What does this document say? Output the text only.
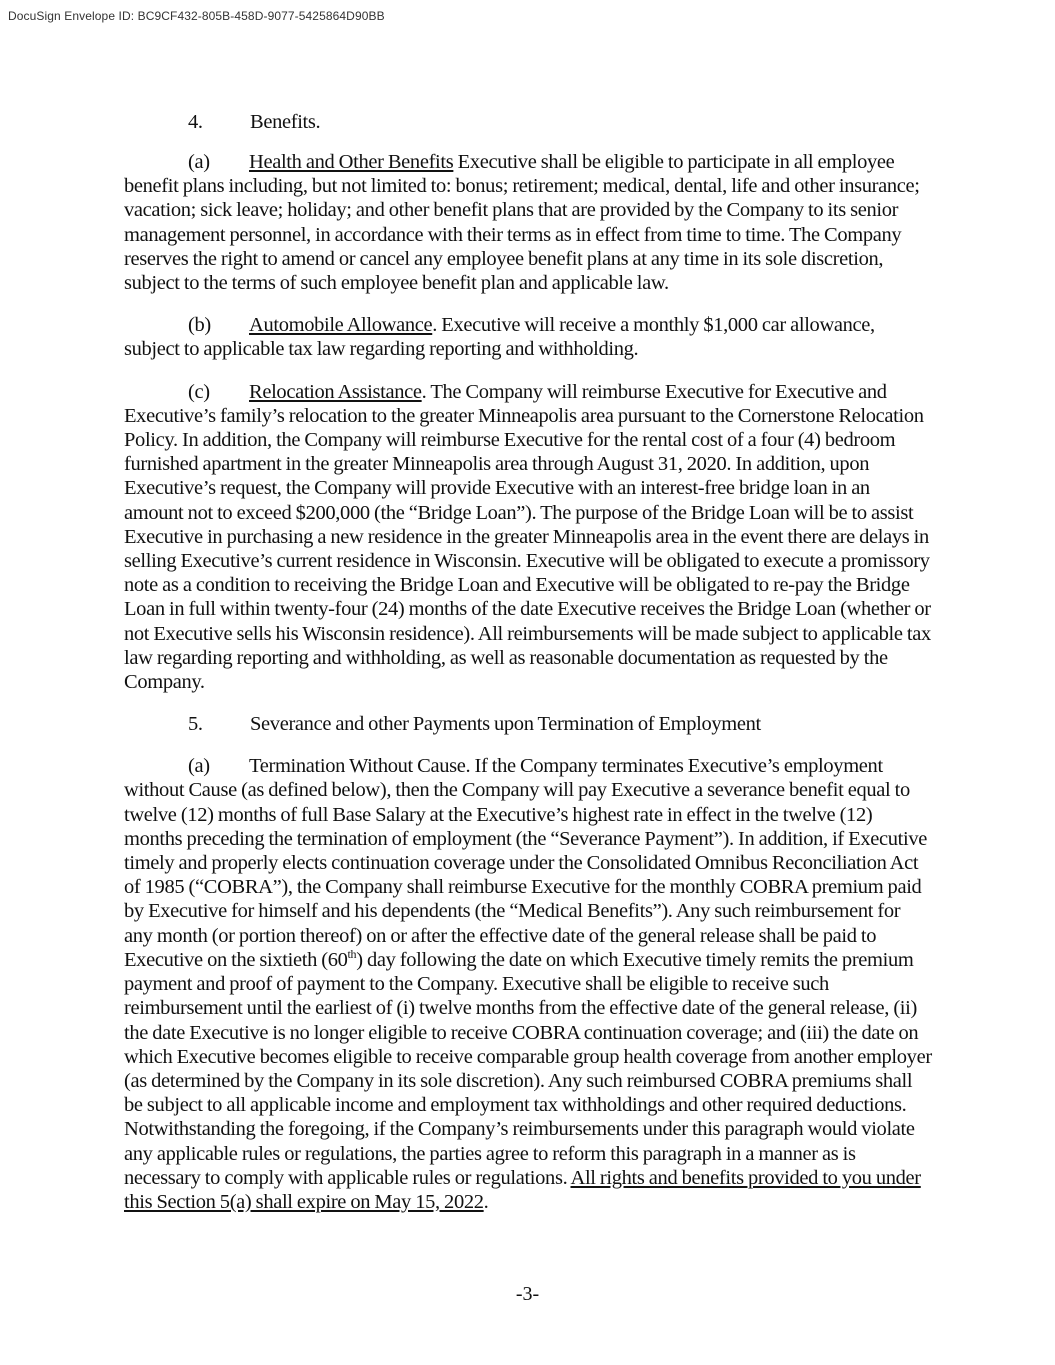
DocuSign Envelope ID: BC9CF432-805B-458D-9077-5425864D90BB

4. Benefits.

(a) Health and Other Benefits Executive shall be eligible to participate in all employee benefit plans including, but not limited to: bonus; retirement; medical, dental, life and other insurance; vacation; sick leave; holiday; and other benefit plans that are provided by the Company to its senior management personnel, in accordance with their terms as in effect from time to time. The Company reserves the right to amend or cancel any employee benefit plans at any time in its sole discretion, subject to the terms of such employee benefit plan and applicable law.

(b) Automobile Allowance. Executive will receive a monthly $1,000 car allowance, subject to applicable tax law regarding reporting and withholding.

(c) Relocation Assistance. The Company will reimburse Executive for Executive and Executive’s family’s relocation to the greater Minneapolis area pursuant to the Cornerstone Relocation Policy. In addition, the Company will reimburse Executive for the rental cost of a four (4) bedroom furnished apartment in the greater Minneapolis area through August 31, 2020. In addition, upon Executive’s request, the Company will provide Executive with an interest-free bridge loan in an amount not to exceed $200,000 (the “Bridge Loan”). The purpose of the Bridge Loan will be to assist Executive in purchasing a new residence in the greater Minneapolis area in the event there are delays in selling Executive’s current residence in Wisconsin. Executive will be obligated to execute a promissory note as a condition to receiving the Bridge Loan and Executive will be obligated to re-pay the Bridge Loan in full within twenty-four (24) months of the date Executive receives the Bridge Loan (whether or not Executive sells his Wisconsin residence). All reimbursements will be made subject to applicable tax law regarding reporting and withholding, as well as reasonable documentation as requested by the Company.

5. Severance and other Payments upon Termination of Employment

(a) Termination Without Cause. If the Company terminates Executive’s employment without Cause (as defined below), then the Company will pay Executive a severance benefit equal to twelve (12) months of full Base Salary at the Executive’s highest rate in effect in the twelve (12) months preceding the termination of employment (the “Severance Payment”). In addition, if Executive timely and properly elects continuation coverage under the Consolidated Omnibus Reconciliation Act of 1985 (“COBRA”), the Company shall reimburse Executive for the monthly COBRA premium paid by Executive for himself and his dependents (the “Medical Benefits”). Any such reimbursement for any month (or portion thereof) on or after the effective date of the general release shall be paid to Executive on the sixtieth (60th) day following the date on which Executive timely remits the premium payment and proof of payment to the Company. Executive shall be eligible to receive such reimbursement until the earliest of (i) twelve months from the effective date of the general release, (ii) the date Executive is no longer eligible to receive COBRA continuation coverage; and (iii) the date on which Executive becomes eligible to receive comparable group health coverage from another employer (as determined by the Company in its sole discretion). Any such reimbursed COBRA premiums shall be subject to all applicable income and employment tax withholdings and other required deductions. Notwithstanding the foregoing, if the Company’s reimbursements under this paragraph would violate any applicable rules or regulations, the parties agree to reform this paragraph in a manner as is necessary to comply with applicable rules or regulations. All rights and benefits provided to you under this Section 5(a) shall expire on May 15, 2022.

-3-
